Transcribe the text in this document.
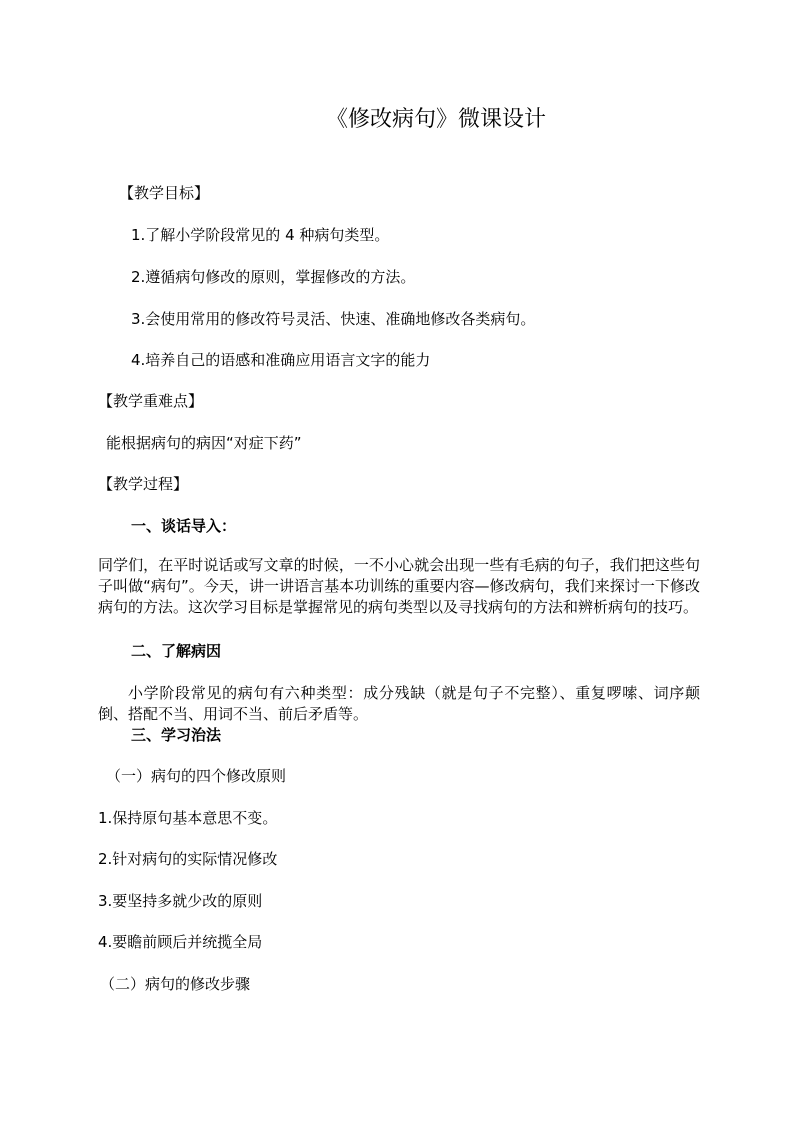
《修改病句》微课设计
【教学目标】
1.了解小学阶段常见的 4 种病句类型。
2.遵循病句修改的原则，掌握修改的方法。
3.会使用常用的修改符号灵活、快速、准确地修改各类病句。
4.培养自己的语感和准确应用语言文字的能力
【教学重难点】
能根据病句的病因“对症下药”
【教学过程】
一、谈话导入：
同学们，在平时说话或写文章的时候，一不小心就会出现一些有毛病的句子，我们把这些句子叫做“病句”。今天，讲一讲语言基本功训练的重要内容—修改病句，我们来探讨一下修改病句的方法。这次学习目标是掌握常见的病句类型以及寻找病句的方法和辨析病句的技巧。
二、了解病因
小学阶段常见的病句有六种类型：成分残缺（就是句子不完整）、重复啰嗦、词序颠倒、搭配不当、用词不当、前后矛盾等。
三、学习治法
（一）病句的四个修改原则
1.保持原句基本意思不变。
2.针对病句的实际情况修改
3.要坚持多就少改的原则
4.要瞻前顾后并统揽全局
（二）病句的修改步骤
